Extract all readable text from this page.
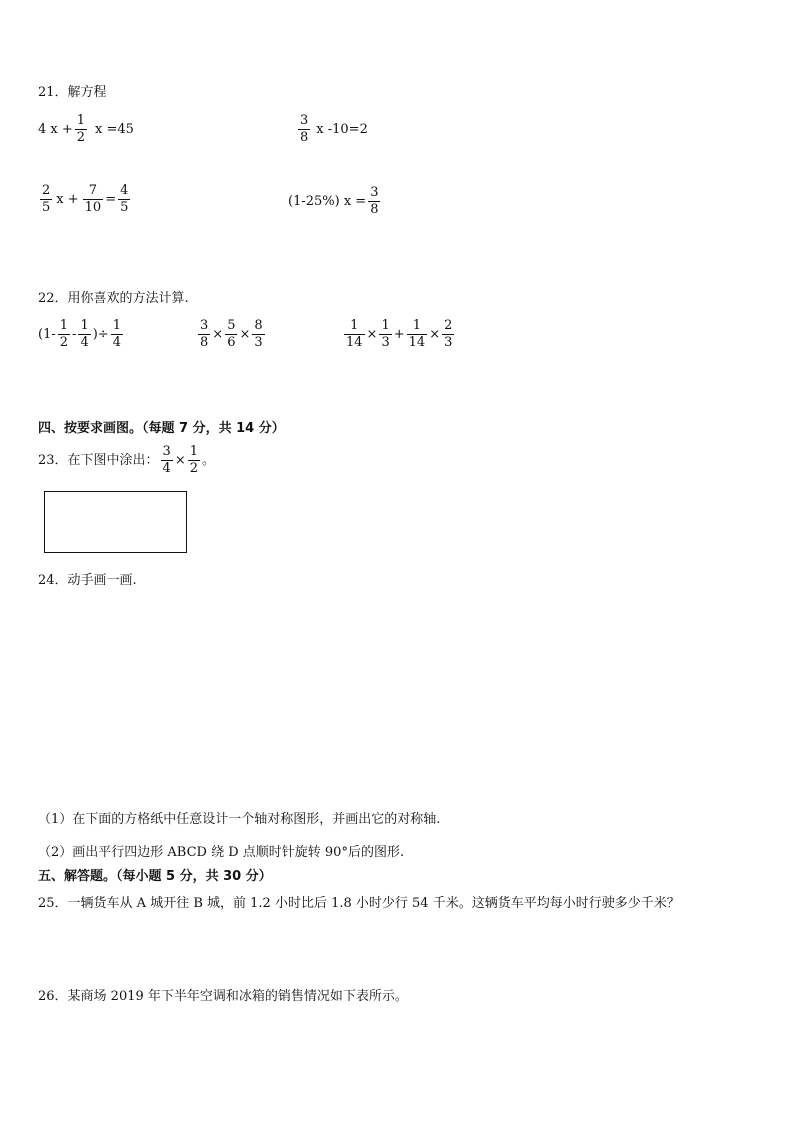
21．解方程
4 $x + \frac{1}{2}$ x =45	$\frac{3}{8}$ x -10=2
$\frac{2}{5}$ $x + \frac{7}{10} = \frac{4}{5}$	(1-25%) $x = \frac{3}{8}$
22．用你喜欢的方法计算.
($1- \frac{1}{2} - \frac{1}{4}$ )÷ $\frac{1}{4}$	$\frac{3}{8} \times \frac{5}{6} \times \frac{8}{3}$	$\frac{1}{14} \times \frac{1}{3} + \frac{1}{14} \times \frac{2}{3}$
四、按要求画图。（每题 7 分，共 14 分）
23．在下图中涂出： $\frac{3}{4} \times \frac{1}{2}$ 。
24．动手画一画.
（1）在下面的方格纸中任意设计一个轴对称图形，并画出它的对称轴.
（2）画出平行四边形 ABCD 绕 D 点顺时针旋转 90°后的图形.
五、解答题。（每小题 5 分，共 30 分）
25．一辆货车从 A 城开往 B 城，前 1.2 小时比后 1.8 小时少行 54 千米。这辆货车平均每小时行驶多少千米？
26．某商场 2019 年下半年空调和冰箱的销售情况如下表所示。
